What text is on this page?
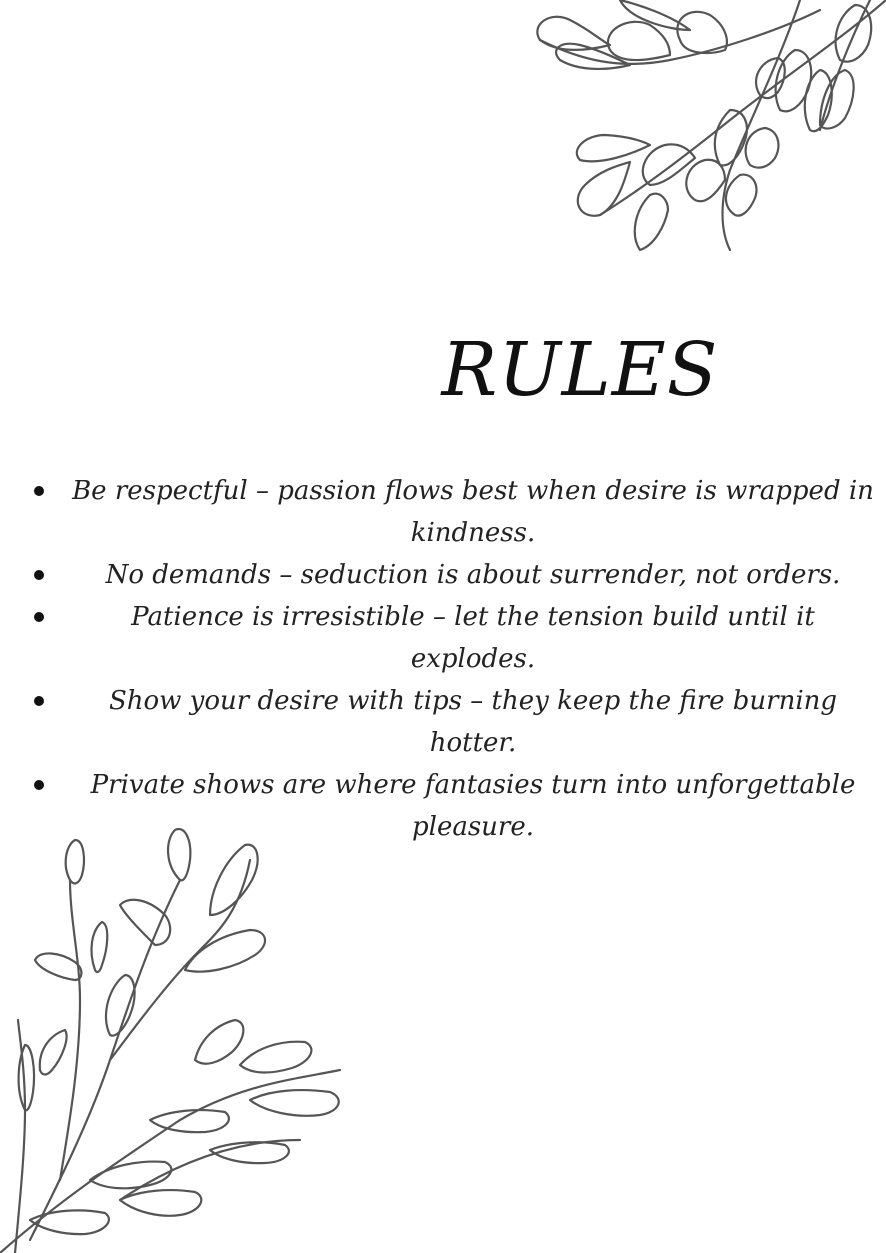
RULES
Be respectful – passion flows best when desire is wrapped in kindness.
No demands – seduction is about surrender, not orders.
Patience is irresistible – let the tension build until it explodes.
Show your desire with tips – they keep the fire burning hotter.
Private shows are where fantasies turn into unforgettable pleasure.
